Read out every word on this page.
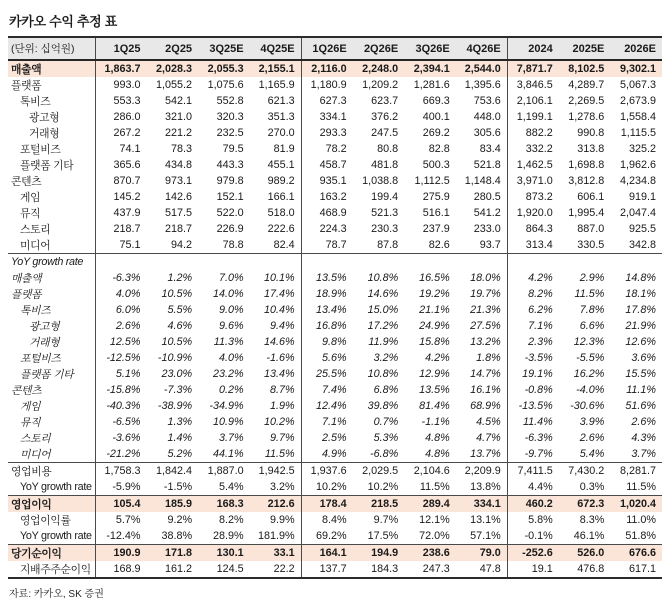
카카오 수익 추정 표
(단위: 십억원)	1Q25	2Q25	3Q25E	4Q25E	1Q26E	2Q26E	3Q26E	4Q26E	2024	2025E	2026E
매출액	1,863.7	2,028.3	2,055.3	2,155.1	2,116.0	2,248.0	2,394.1	2,544.0	7,871.7	8,102.5	9,302.1
플랫폼	993.0	1,055.2	1,075.6	1,165.9	1,180.9	1,209.2	1,281.6	1,395.6	3,846.5	4,289.7	5,067.3
톡비즈	553.3	542.1	552.8	621.3	627.3	623.7	669.3	753.6	2,106.1	2,269.5	2,673.9
광고형	286.0	321.0	320.3	351.3	334.1	376.2	400.1	448.0	1,199.1	1,278.6	1,558.4
거래형	267.2	221.2	232.5	270.0	293.3	247.5	269.2	305.6	882.2	990.8	1,115.5
포털비즈	74.1	78.3	79.5	81.9	78.2	80.8	82.8	83.4	332.2	313.8	325.2
플랫폼 기타	365.6	434.8	443.3	455.1	458.7	481.8	500.3	521.8	1,462.5	1,698.8	1,962.6
콘텐츠	870.7	973.1	979.8	989.2	935.1	1,038.8	1,112.5	1,148.4	3,971.0	3,812.8	4,234.8
게임	145.2	142.6	152.1	166.1	163.2	199.4	275.9	280.5	873.2	606.1	919.1
뮤직	437.9	517.5	522.0	518.0	468.9	521.3	516.1	541.2	1,920.0	1,995.4	2,047.4
스토리	218.7	218.7	226.9	222.6	224.3	230.3	237.9	233.0	864.3	887.0	925.5
미디어	75.1	94.2	78.8	82.4	78.7	87.8	82.6	93.7	313.4	330.5	342.8
YoY growth rate											
매출액	-6.3%	1.2%	7.0%	10.1%	13.5%	10.8%	16.5%	18.0%	4.2%	2.9%	14.8%
플랫폼	4.0%	10.5%	14.0%	17.4%	18.9%	14.6%	19.2%	19.7%	8.2%	11.5%	18.1%
톡비즈	6.0%	5.5%	9.0%	10.4%	13.4%	15.0%	21.1%	21.3%	6.2%	7.8%	17.8%
광고형	2.6%	4.6%	9.6%	9.4%	16.8%	17.2%	24.9%	27.5%	7.1%	6.6%	21.9%
거래형	12.5%	10.5%	11.3%	14.6%	9.8%	11.9%	15.8%	13.2%	2.3%	12.3%	12.6%
포털비즈	-12.5%	-10.9%	4.0%	-1.6%	5.6%	3.2%	4.2%	1.8%	-3.5%	-5.5%	3.6%
플랫폼 기타	5.1%	23.0%	23.2%	13.4%	25.5%	10.8%	12.9%	14.7%	19.1%	16.2%	15.5%
콘텐츠	-15.8%	-7.3%	0.2%	8.7%	7.4%	6.8%	13.5%	16.1%	-0.8%	-4.0%	11.1%
게임	-40.3%	-38.9%	-34.9%	1.9%	12.4%	39.8%	81.4%	68.9%	-13.5%	-30.6%	51.6%
뮤직	-6.5%	1.3%	10.9%	10.2%	7.1%	0.7%	-1.1%	4.5%	11.4%	3.9%	2.6%
스토리	-3.6%	1.4%	3.7%	9.7%	2.5%	5.3%	4.8%	4.7%	-6.3%	2.6%	4.3%
미디어	-21.2%	5.2%	44.1%	11.5%	4.9%	-6.8%	4.8%	13.7%	-9.7%	5.4%	3.7%
영업비용	1,758.3	1,842.4	1,887.0	1,942.5	1,937.6	2,029.5	2,104.6	2,209.9	7,411.5	7,430.2	8,281.7
YoY growth rate	-5.9%	-1.5%	5.4%	3.2%	10.2%	10.2%	11.5%	13.8%	4.4%	0.3%	11.5%
영업이익	105.4	185.9	168.3	212.6	178.4	218.5	289.4	334.1	460.2	672.3	1,020.4
영업이익률	5.7%	9.2%	8.2%	9.9%	8.4%	9.7%	12.1%	13.1%	5.8%	8.3%	11.0%
YoY growth rate	-12.4%	38.8%	28.9%	181.9%	69.2%	17.5%	72.0%	57.1%	-0.1%	46.1%	51.8%
당기순이익	190.9	171.8	130.1	33.1	164.1	194.9	238.6	79.0	-252.6	526.0	676.6
지배주주순이익	168.9	161.2	124.5	22.2	137.7	184.3	247.3	47.8	19.1	476.8	617.1
자료: 카카오, SK 증권
